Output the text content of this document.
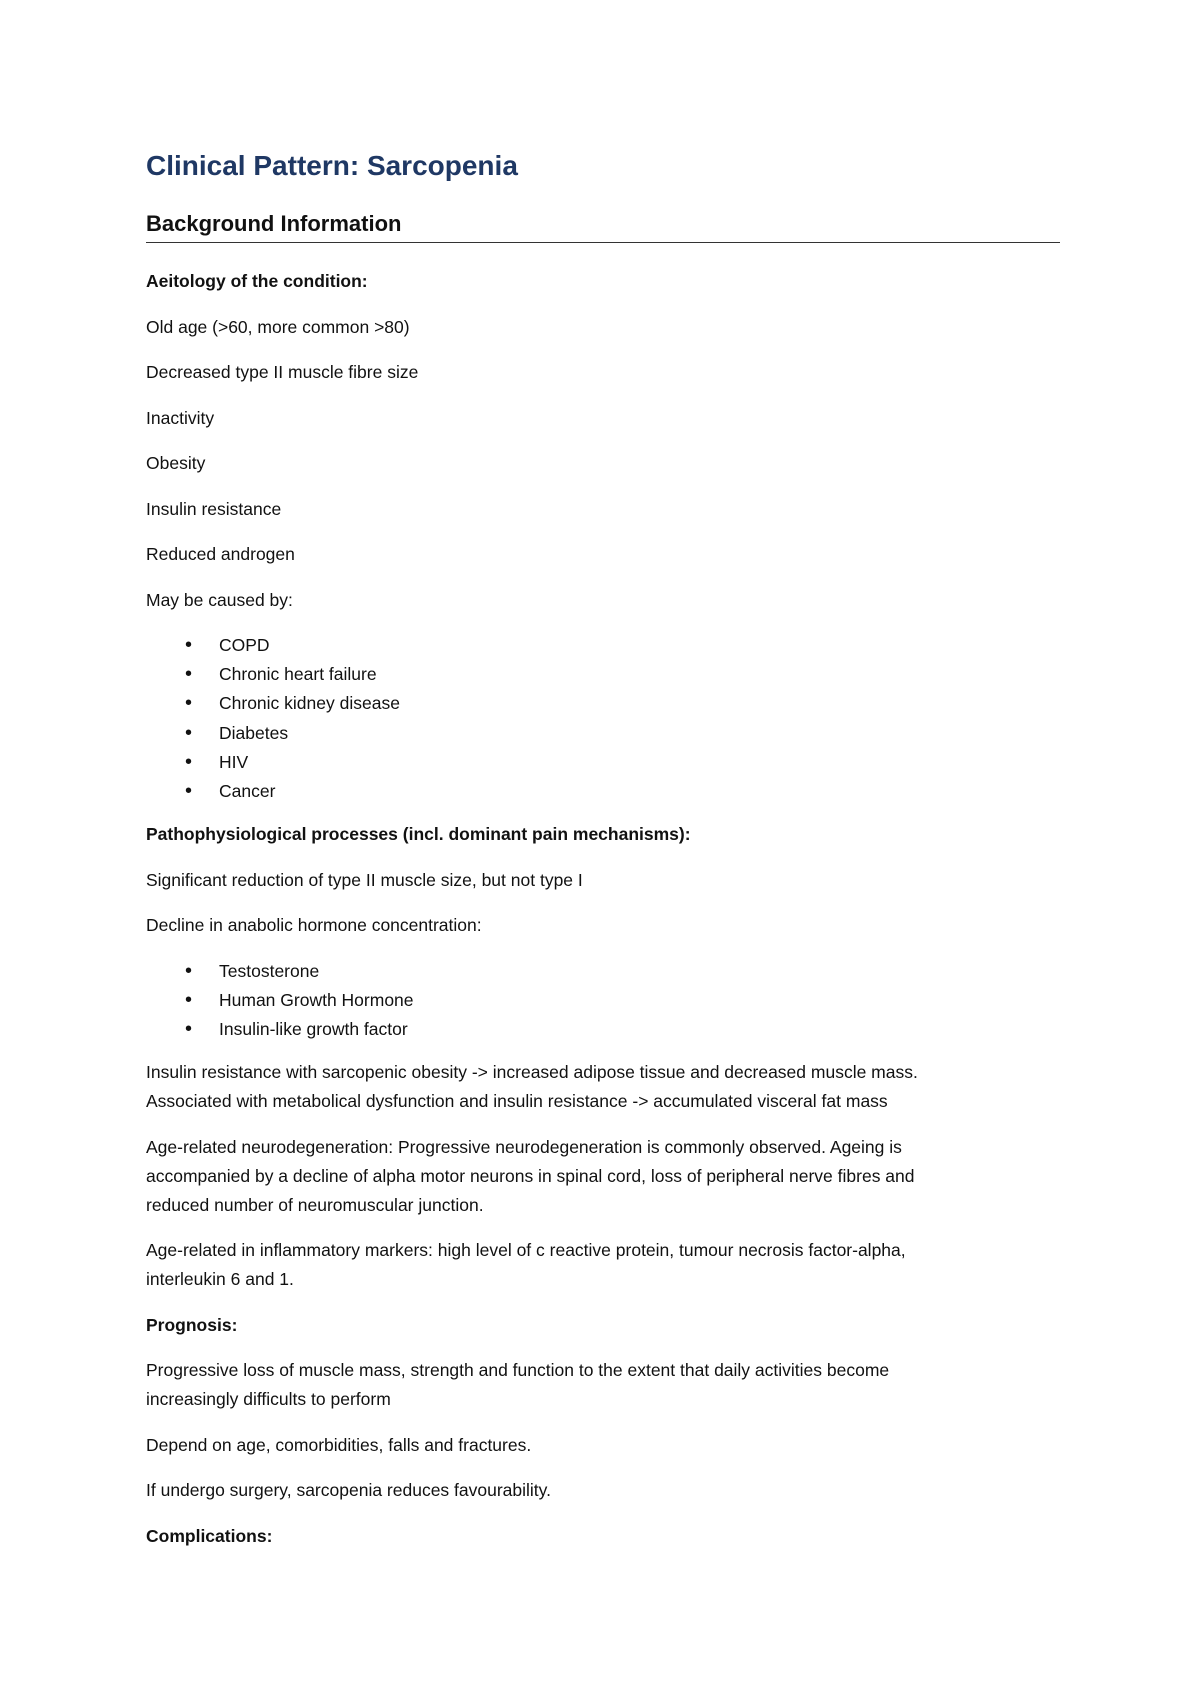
Clinical Pattern: Sarcopenia
Background Information

Aeitology of the condition:

Old age (>60, more common >80)

Decreased type II muscle fibre size

Inactivity

Obesity

Insulin resistance

Reduced androgen

May be caused by:

• COPD
• Chronic heart failure
• Chronic kidney disease
• Diabetes
• HIV
• Cancer

Pathophysiological processes (incl. dominant pain mechanisms):

Significant reduction of type II muscle size, but not type I

Decline in anabolic hormone concentration:

• Testosterone
• Human Growth Hormone
• Insulin-like growth factor

Insulin resistance with sarcopenic obesity -> increased adipose tissue and decreased muscle mass.
Associated with metabolical dysfunction and insulin resistance -> accumulated visceral fat mass

Age-related neurodegeneration: Progressive neurodegeneration is commonly observed. Ageing is
accompanied by a decline of alpha motor neurons in spinal cord, loss of peripheral nerve fibres and
reduced number of neuromuscular junction.

Age-related in inflammatory markers: high level of c reactive protein, tumour necrosis factor-alpha,
interleukin 6 and 1.

Prognosis:

Progressive loss of muscle mass, strength and function to the extent that daily activities become
increasingly difficults to perform

Depend on age, comorbidities, falls and fractures.

If undergo surgery, sarcopenia reduces favourability.

Complications:
